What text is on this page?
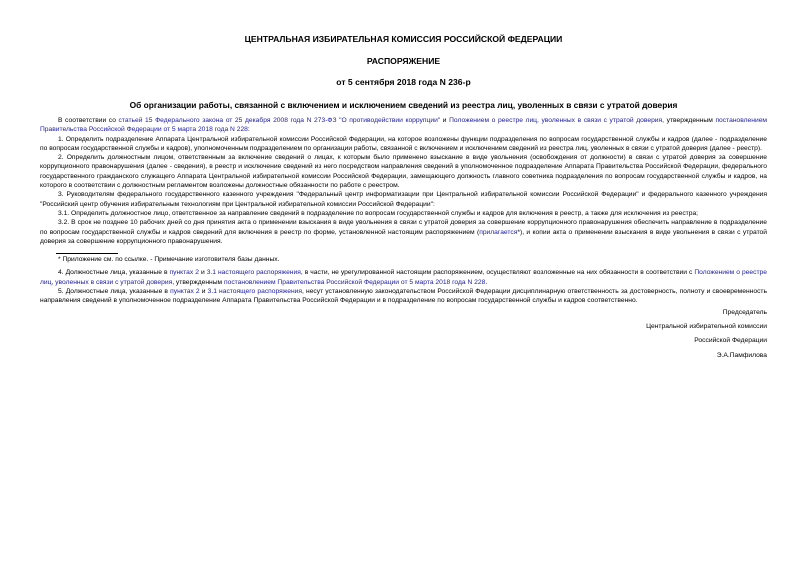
ЦЕНТРАЛЬНАЯ ИЗБИРАТЕЛЬНАЯ КОМИССИЯ РОССИЙСКОЙ ФЕДЕРАЦИИ
РАСПОРЯЖЕНИЕ
от 5 сентября 2018 года N 236-р
Об организации работы, связанной с включением и исключением сведений из реестра лиц, уволенных в связи с утратой доверия

В соответствии со статьей 15 Федерального закона от 25 декабря 2008 года N 273-ФЗ "О противодействии коррупции" и Положением о реестре лиц, уволенных в связи с утратой доверия, утвержденным постановлением Правительства Российской Федерации от 5 марта 2018 года N 228:

1. Определить подразделение Аппарата Центральной избирательной комиссии Российской Федерации, на которое возложены функции подразделения по вопросам государственной службы и кадров (далее - подразделение по вопросам государственной службы и кадров), уполномоченным подразделением по организации работы, связанной с включением и исключением сведений из реестра лиц, уволенных в связи с утратой доверия (далее - реестр).

2. Определить должностным лицом, ответственным за включение сведений о лицах, к которым было применено взыскание в виде увольнения (освобождения от должности) в связи с утратой доверия за совершение коррупционного правонарушения (далее - сведения), в реестр и исключение сведений из него посредством направления сведений в уполномоченное подразделение Аппарата Правительства Российской Федерации, федерального государственного гражданского служащего Аппарата Центральной избирательной комиссии Российской Федерации, замещающего должность главного советника подразделения по вопросам государственной службы и кадров, на которого в соответствии с должностным регламентом возложены должностные обязанности по работе с реестром.

3. Руководителям федерального государственного казенного учреждения "Федеральный центр информатизации при Центральной избирательной комиссии Российской Федерации" и федерального казенного учреждения "Российский центр обучения избирательным технологиям при Центральной избирательной комиссии Российской Федерации":

3.1. Определить должностное лицо, ответственное за направление сведений в подразделение по вопросам государственной службы и кадров для включения в реестр, а также для исключения из реестра;

3.2. В срок не позднее 10 рабочих дней со дня принятия акта о применении взыскания в виде увольнения в связи с утратой доверия за совершение коррупционного правонарушения обеспечить направление в подразделение по вопросам государственной службы и кадров сведений для включения в реестр по форме, установленной настоящим распоряжением (прилагается*), и копии акта о применении взыскания в виде увольнения в связи с утратой доверия за совершение коррупционного правонарушения.

* Приложение см. по ссылке. - Примечание изготовителя базы данных.

4. Должностные лица, указанные в пунктах 2 и 3.1 настоящего распоряжения, в части, не урегулированной настоящим распоряжением, осуществляют возложенные на них обязанности в соответствии с Положением о реестре лиц, уволенных в связи с утратой доверия, утвержденным постановлением Правительства Российской Федерации от 5 марта 2018 года N 228.

5. Должностные лица, указанные в пунктах 2 и 3.1 настоящего распоряжения, несут установленную законодательством Российской Федерации дисциплинарную ответственность за достоверность, полноту и своевременность направления сведений в уполномоченное подразделение Аппарата Правительства Российской Федерации и в подразделение по вопросам государственной службы и кадров соответственно.

Председатель
Центральной избирательной комиссии
Российской Федерации
Э.А.Памфилова
